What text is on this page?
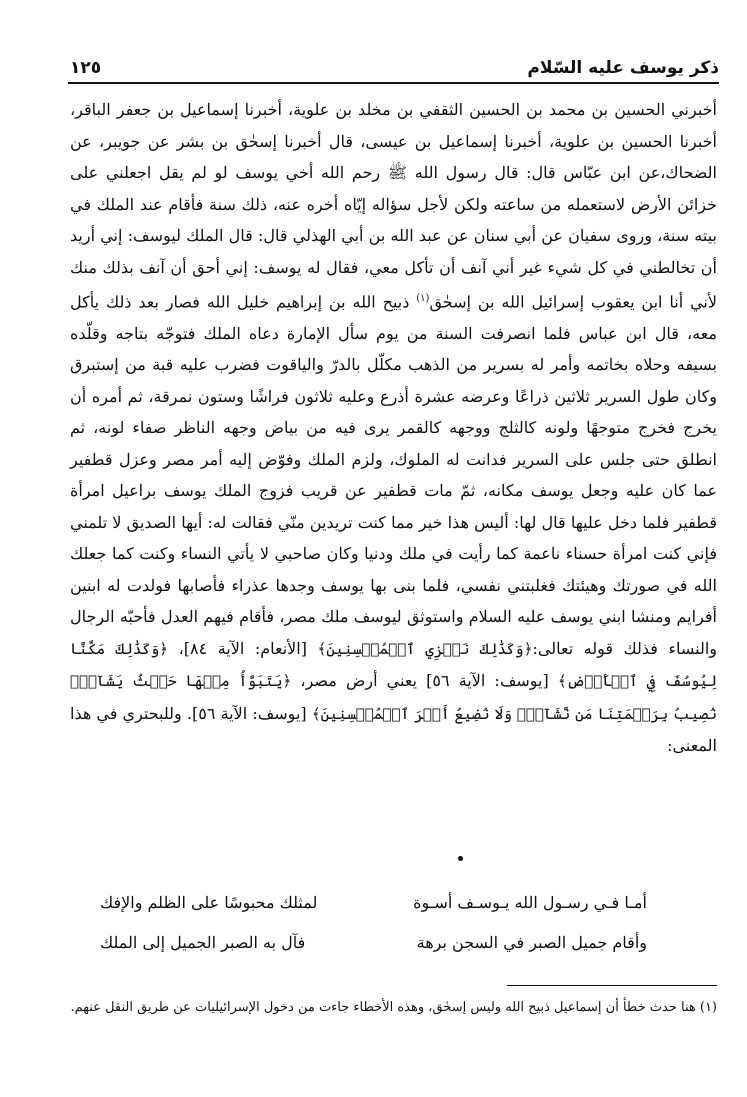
ذكر يوسف عليه السّلام
١٢٥

أخبرني الحسين بن محمد بن الحسين الثقفي بن مخلد بن علوية، أخبرنا إسماعيل بن جعفر الباقر، أخبرنا الحسين بن علوية، أخبرنا إسماعيل بن عيسى، قال أخبرنا إسحٰق بن بشر عن جويبر، عن الضحاك،عن ابن عبّاس قال: قال رسول الله ﷺ رحم الله أخي يوسف لو لم يقل اجعلني على خزائن الأرض لاستعمله من ساعته ولكن لأجل سؤاله إيّاه أخره عنه، ذلك سنة فأقام عند الملك في بيته سنة، وروى سفيان عن أبي سنان عن عبد الله بن أبي الهذلي قال: قال الملك ليوسف: إني أريد أن تخالطني في كل شيء غير أني آنف أن تأكل معي، فقال له يوسف: إني أحق أن آنف بذلك منك لأني أنا ابن يعقوب إسرائيل الله بن إسحٰق$^{(١)}$ ذبيح الله بن إبراهيم خليل الله فصار بعد ذلك يأكل معه، قال ابن عباس فلما انصرفت السنة من يوم سأل الإمارة دعاه الملك فتوجّه بتاجه وقلّده بسيفه وحلاه بخاتمه وأمر له بسرير من الذهب مكلّل بالدرّ والياقوت فضرب عليه قبة من إستبرق وكان طول السرير ثلاثين ذراعًا وعرضه عشرة أذرع وعليه ثلاثون فراشًا وستون نمرقة، ثم أمره أن يخرج فخرج متوجهًا ولونه كالثلج ووجهه كالقمر يرى فيه من بياض وجهه الناظر صفاء لونه، ثم انطلق حتى جلس على السرير فدانت له الملوك، ولزم الملك وفوّض إليه أمر مصر وعزل قطفير عما كان عليه وجعل يوسف مكانه، ثمّ مات قطفير عن قريب فزوج الملك يوسف براعيل امرأة قطفير فلما دخل عليها قال لها: أليس هذا خير مما كنت تريدين منّي فقالت له: أيها الصديق لا تلمني فإني كنت امرأة حسناء ناعمة كما رأيت في ملك ودنيا وكان صاحبي لا يأتي النساء وكنت كما جعلك الله في صورتك وهيئتك فغلبتني نفسي، فلما بنى بها يوسف وجدها عذراء فأصابها فولدت له ابنين أفرايم ومنشا ابني يوسف عليه السلام واستوثق ليوسف ملك مصر، فأقام فيهم العدل فأحبّه الرجال والنساء فذلك قوله تعالى:﴿وَكَذَٰلِكَ نَجۡزِي ٱلۡمُحۡسِنِينَ﴾ [الأنعام: الآية ٨٤]، ﴿وَكَذَٰلِكَ مَكَّنَّا لِيُوسُفَ فِي ٱلۡأَرۡضِ﴾ [يوسف: الآية ٥٦] يعني أرض مصر، ﴿يَتَبَوَّأُ مِنۡهَا حَيۡثُ يَشَآءُۚ نُصِيبُ بِرَحۡمَتِنَا مَن نَّشَآءُۖ وَلَا نُضِيعُ أَجۡرَ ٱلۡمُحۡسِنِينَ﴾ [يوسف: الآية ٥٦]. وللبحتري في هذا المعنى:

أمـا فـي رسـول الله يـوسـف أسـوة
لمثلك محبوسًا على الظلم والإفك
وأقام جميل الصبر في السجن برهة
فآل به الصبر الجميل إلى الملك

(١) هنا حدث خطأ أن إسماعيل ذبيح الله وليس إسحٰق، وهذه الأخطاء جاءت من دخول الإسرائيليات عن طريق النقل عنهم.
